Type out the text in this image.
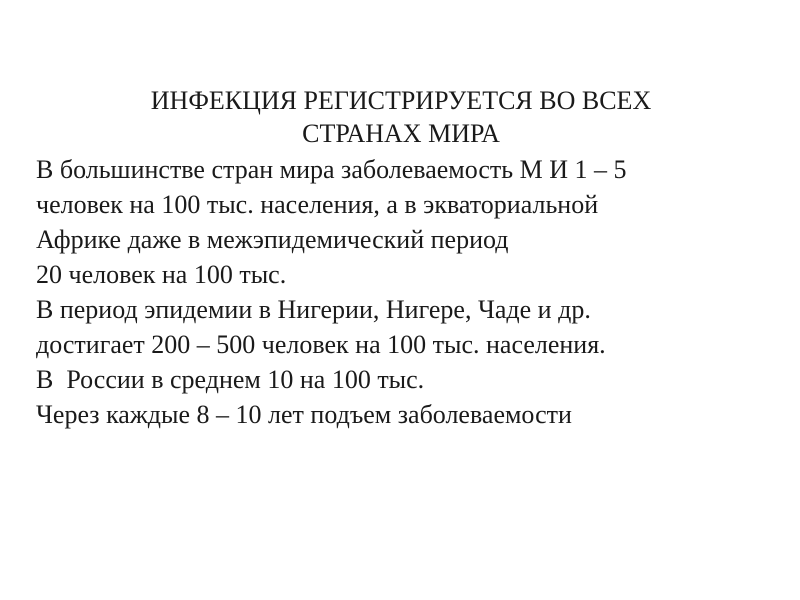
ИНФЕКЦИЯ РЕГИСТРИРУЕТСЯ ВО ВСЕХ
СТРАНАХ МИРА
В большинстве стран мира заболеваемость М И 1 – 5
человек на 100 тыс. населения, а в экваториальной
Африке даже в межэпидемический период
20 человек на 100 тыс.
В период эпидемии в Нигерии, Нигере, Чаде и др.
достигает 200 – 500 человек на 100 тыс. населения.
В  России в среднем 10 на 100 тыс.
Через каждые 8 – 10 лет подъем заболеваемости
